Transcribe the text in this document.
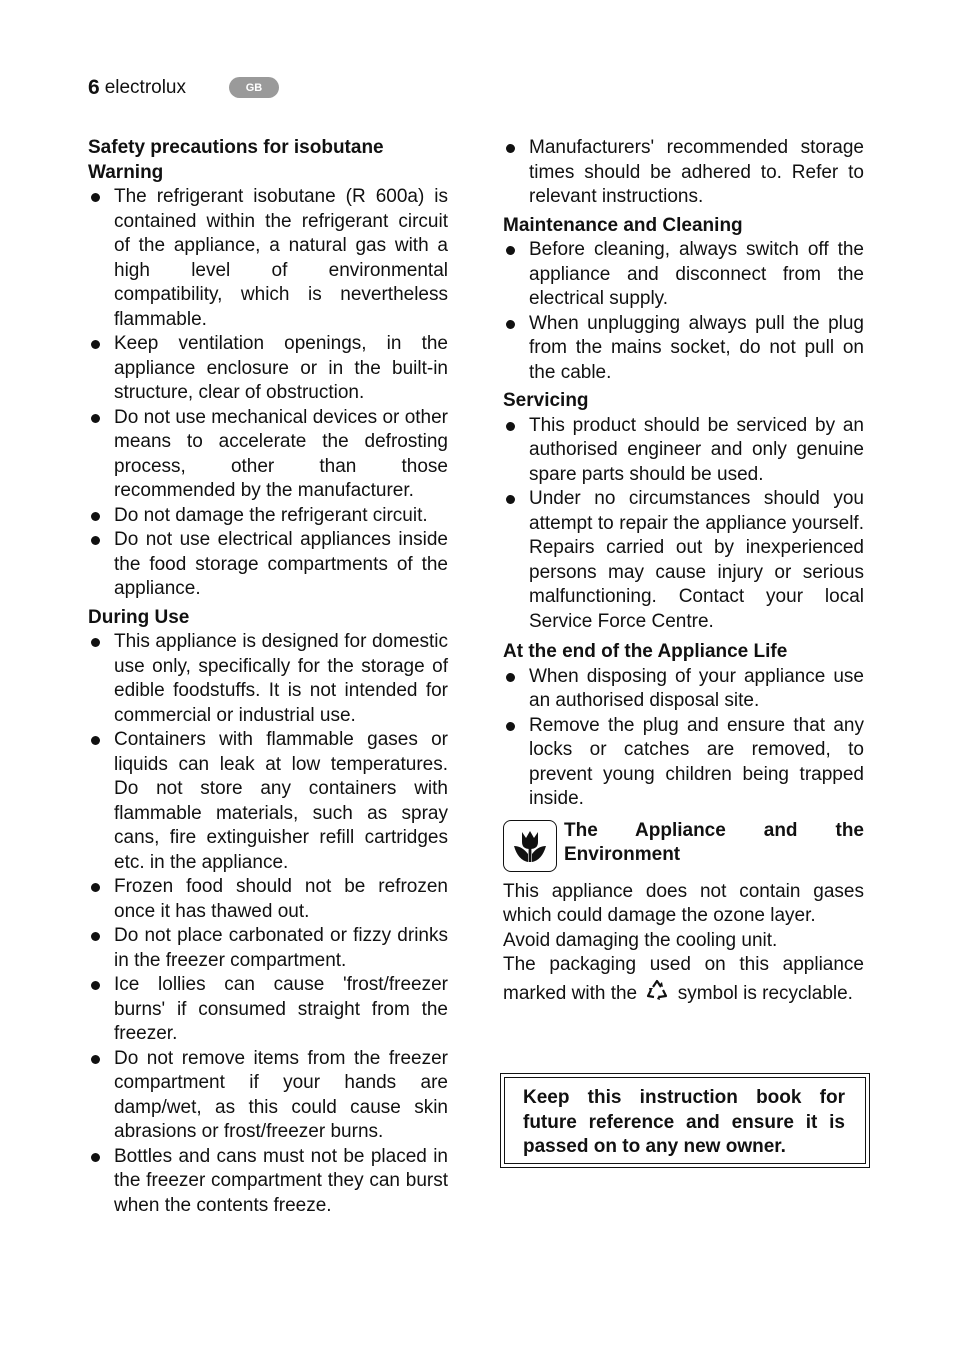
6 electrolux	GB
Safety precautions for isobutane
Warning
The refrigerant isobutane (R 600a) is contained within the refrigerant circuit of the appliance, a natural gas with a high level of environmental compatibility, which is nevertheless flammable.
Keep ventilation openings, in the appliance enclosure or in the built-in structure, clear of obstruction.
Do not use mechanical devices or other means to accelerate the defrosting process, other than those recommended by the manufacturer.
Do not damage the refrigerant circuit.
Do not use electrical appliances inside the food storage compartments of the appliance.
During Use
This appliance is designed for domestic use only, specifically for the storage of edible foodstuffs. It is not intended for commercial or industrial use.
Containers with flammable gases or liquids can leak at low temperatures. Do not store any containers with flammable materials, such as spray cans, fire extinguisher refill cartridges etc. in the appliance.
Frozen food should not be refrozen once it has thawed out.
Do not place carbonated or fizzy drinks in the freezer compartment.
Ice lollies can cause 'frost/freezer burns' if consumed straight from the freezer.
Do not remove items from the freezer compartment if your hands are damp/wet, as this could cause skin abrasions or frost/freezer burns.
Bottles and cans must not be placed in the freezer compartment they can burst when the contents freeze.
Manufacturers' recommended storage times should be adhered to. Refer to relevant instructions.
Maintenance and Cleaning
Before cleaning, always switch off the appliance and disconnect from the electrical supply.
When unplugging always pull the plug from the mains socket, do not pull on the cable.
Servicing
This product should be serviced by an authorised engineer and only genuine spare parts should be used.
Under no circumstances should you attempt to repair the appliance yourself. Repairs carried out by inexperienced persons may cause injury or serious malfunctioning. Contact your local Service Force Centre.
At the end of the Appliance Life
When disposing of your appliance use an authorised disposal site.
Remove the plug and ensure that any locks or catches are removed, to prevent young children being trapped inside.
The Appliance and the
Environment
This appliance does not contain gases which could damage the ozone layer.
Avoid damaging the cooling unit.
The packaging used on this appliance marked with the symbol is recyclable.
Keep this instruction book for future reference and ensure it is passed on to any new owner.
